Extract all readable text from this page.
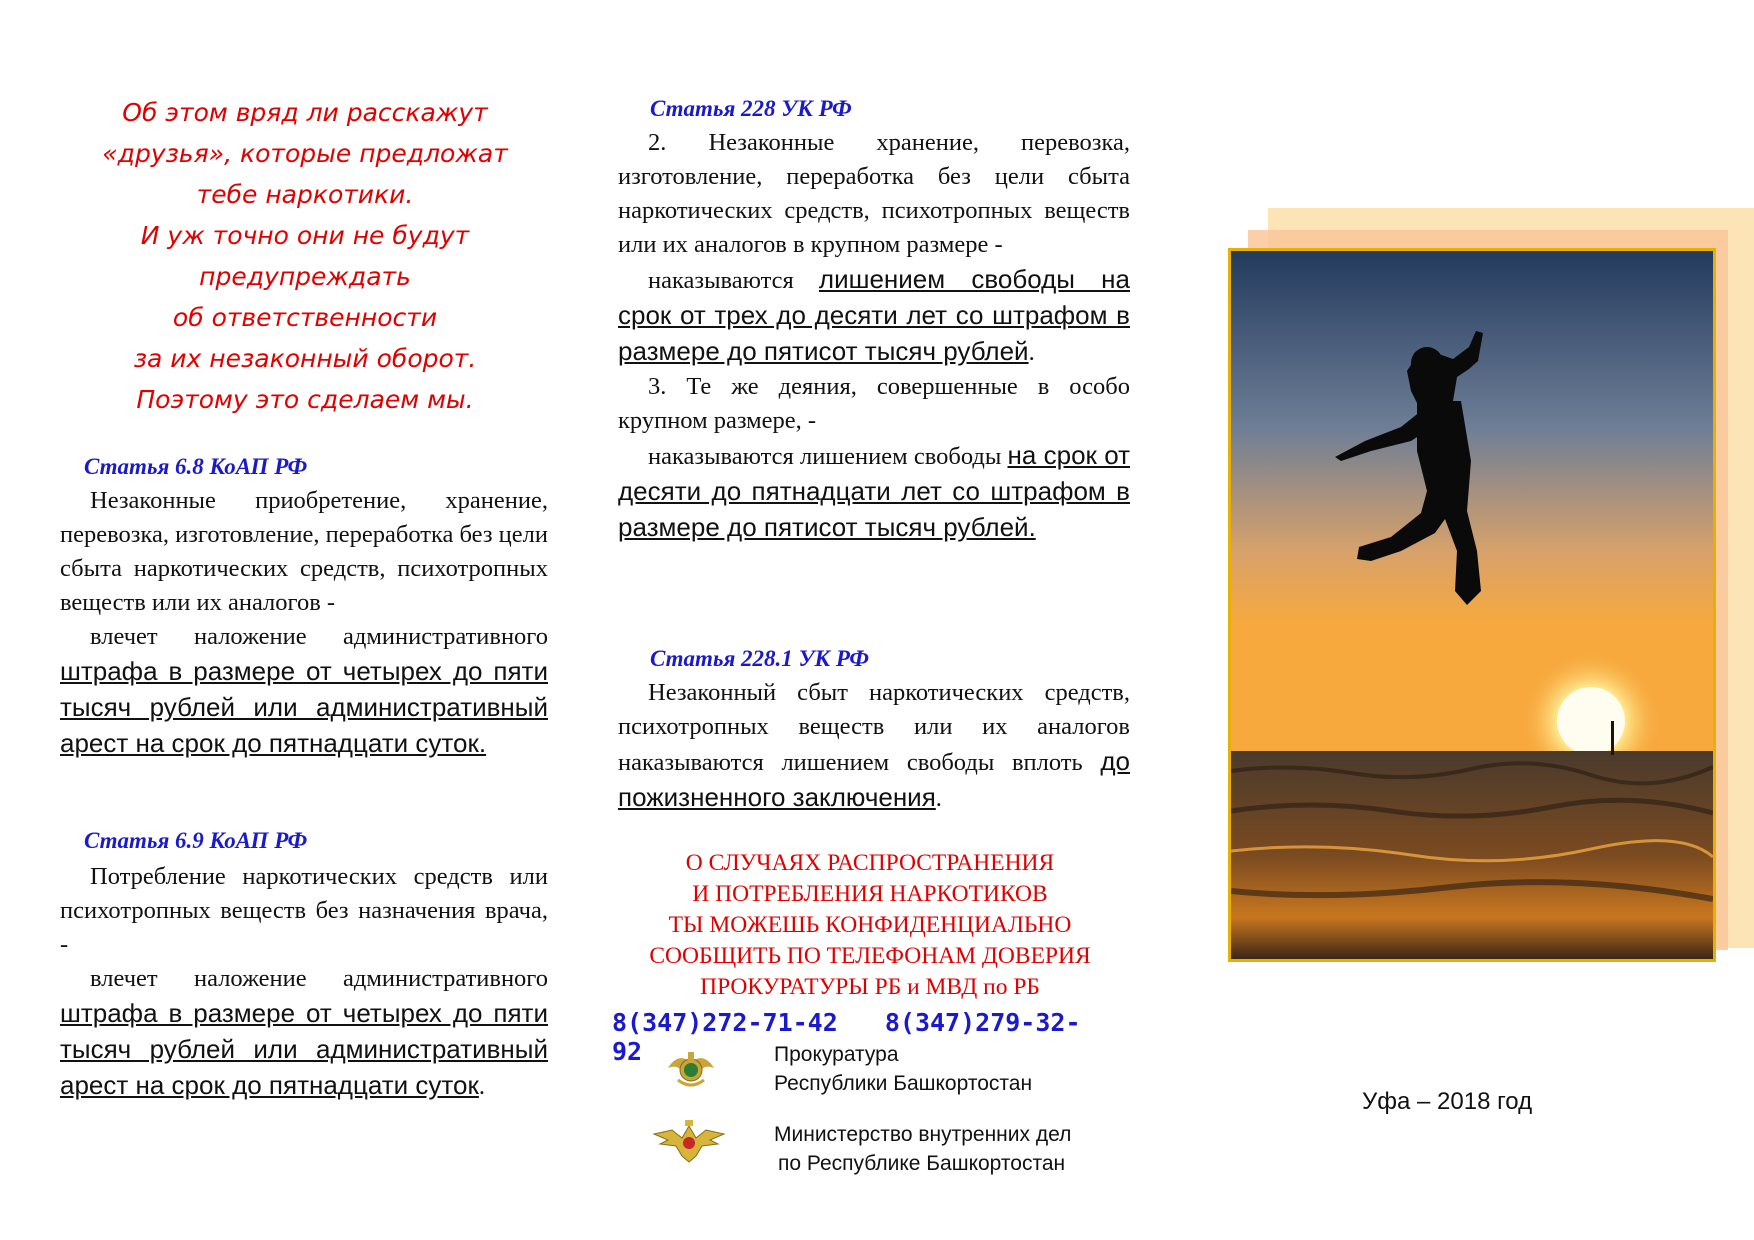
Об этом вряд ли расскажут
«друзья», которые предложат
тебе наркотики.
И уж точно они не будут
предупреждать
об ответственности
за их незаконный оборот.
Поэтому это сделаем мы.
Статья 6.8 КоАП РФ

Незаконные приобретение, хранение, перевозка, изготовление, переработка без цели сбыта наркотических средств, психотропных веществ или их аналогов -

влечет наложение административного штрафа в размере от четырех до пяти тысяч рублей или административный арест на срок до пятнадцати суток.

Статья 6.9 КоАП РФ

Потребление наркотических средств или психотропных веществ без назначения врача, -

влечет наложение административного штрафа в размере от четырех до пяти тысяч рублей или административный арест на срок до пятнадцати суток.

Статья 228 УК РФ

2. Незаконные хранение, перевозка, изготовление, переработка без цели сбыта наркотических средств, психотропных веществ или их аналогов в крупном размере -

наказываются лишением свободы на срок от трех до десяти лет со штрафом в размере до пятисот тысяч рублей.

3. Те же деяния, совершенные в особо крупном размере, -

наказываются лишением свободы на срок от десяти до пятнадцати лет со штрафом в размере до пятисот тысяч рублей.

Статья 228.1 УК РФ

Незаконный сбыт наркотических средств, психотропных веществ или их аналогов наказываются лишением свободы вплоть до пожизненного заключения.

О СЛУЧАЯХ РАСПРОСТРАНЕНИЯ
И ПОТРЕБЛЕНИЯ НАРКОТИКОВ
ТЫ МОЖЕШЬ КОНФИДЕНЦИАЛЬНО
СООБЩИТЬ ПО ТЕЛЕФОНАМ ДОВЕРИЯ
ПРОКУРАТУРЫ РБ и МВД по РБ
8(347)272-71-42 8(347)279-32-92	Прокуратура
Республики Башкортостан
Министерство внутренних дел
по Республике Башкортостан
Уфа – 2018 год
